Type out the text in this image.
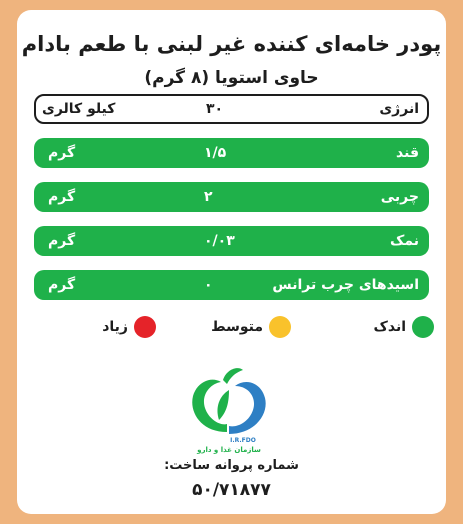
پودر خامه‌ای کننده غیر لبنی با طعم بادام
حاوی استویا (۸ گرم)
انرژی
۳۰
کیلو کالری
قند
۱/۵
گرم
چربی
۲
گرم
نمک
۰/۰۳
گرم
اسیدهای چرب ترانس
۰
گرم
اندک
متوسط
زیاد
I.R.FDO
سازمان غذا و دارو
شماره پروانه ساخت:
۵۰/۷۱۸۷۷
